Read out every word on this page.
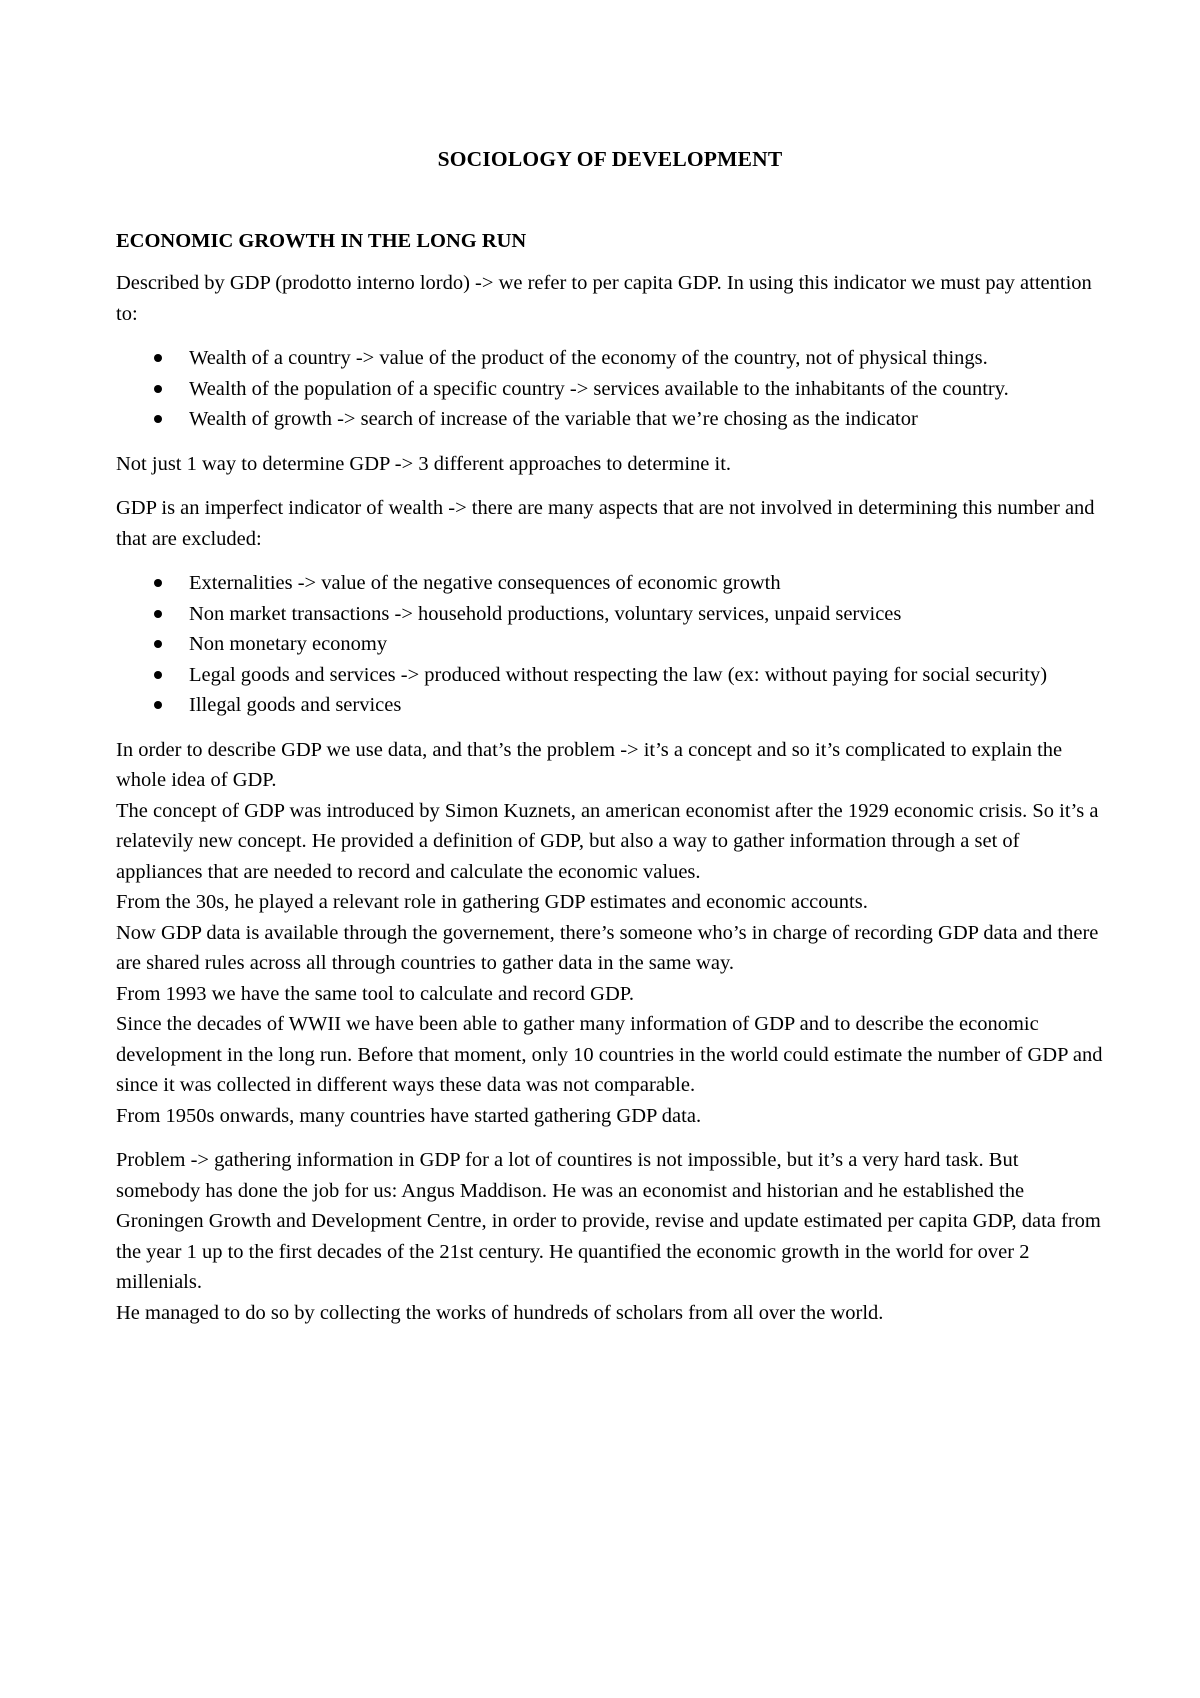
SOCIOLOGY OF DEVELOPMENT
ECONOMIC GROWTH IN THE LONG RUN

Described by GDP (prodotto interno lordo) -> we refer to per capita GDP. In using this indicator we must pay attention to:

Wealth of a country -> value of the product of the economy of the country, not of physical things.
Wealth of the population of a specific country -> services available to the inhabitants of the country.
Wealth of growth -> search of increase of the variable that we’re chosing as the indicator

Not just 1 way to determine GDP -> 3 different approaches to determine it.

GDP is an imperfect indicator of wealth -> there are many aspects that are not involved in determining this number and that are excluded:

Externalities -> value of the negative consequences of economic growth
Non market transactions -> household productions, voluntary services, unpaid services
Non monetary economy
Legal goods and services -> produced without respecting the law (ex: without paying for social security)
Illegal goods and services

In order to describe GDP we use data, and that’s the problem -> it’s a concept and so it’s complicated to explain the whole idea of GDP.

The concept of GDP was introduced by Simon Kuznets, an american economist after the 1929 economic crisis. So it’s a relatevily new concept. He provided a definition of GDP, but also a way to gather information through a set of appliances that are needed to record and calculate the economic values.

From the 30s, he played a relevant role in gathering GDP estimates and economic accounts.

Now GDP data is available through the governement, there’s someone who’s in charge of recording GDP data and there are shared rules across all through countries to gather data in the same way.

From 1993 we have the same tool to calculate and record GDP.

Since the decades of WWII we have been able to gather many information of GDP and to describe the economic development in the long run. Before that moment, only 10 countries in the world could estimate the number of GDP and since it was collected in different ways these data was not comparable.

From 1950s onwards, many countries have started gathering GDP data.

Problem -> gathering information in GDP for a lot of countires is not impossible, but it’s a very hard task. But somebody has done the job for us: Angus Maddison. He was an economist and historian and he established the Groningen Growth and Development Centre, in order to provide, revise and update estimated per capita GDP, data from the year 1 up to the first decades of the 21st century. He quantified the economic growth in the world for over 2 millenials.

He managed to do so by collecting the works of hundreds of scholars from all over the world.
